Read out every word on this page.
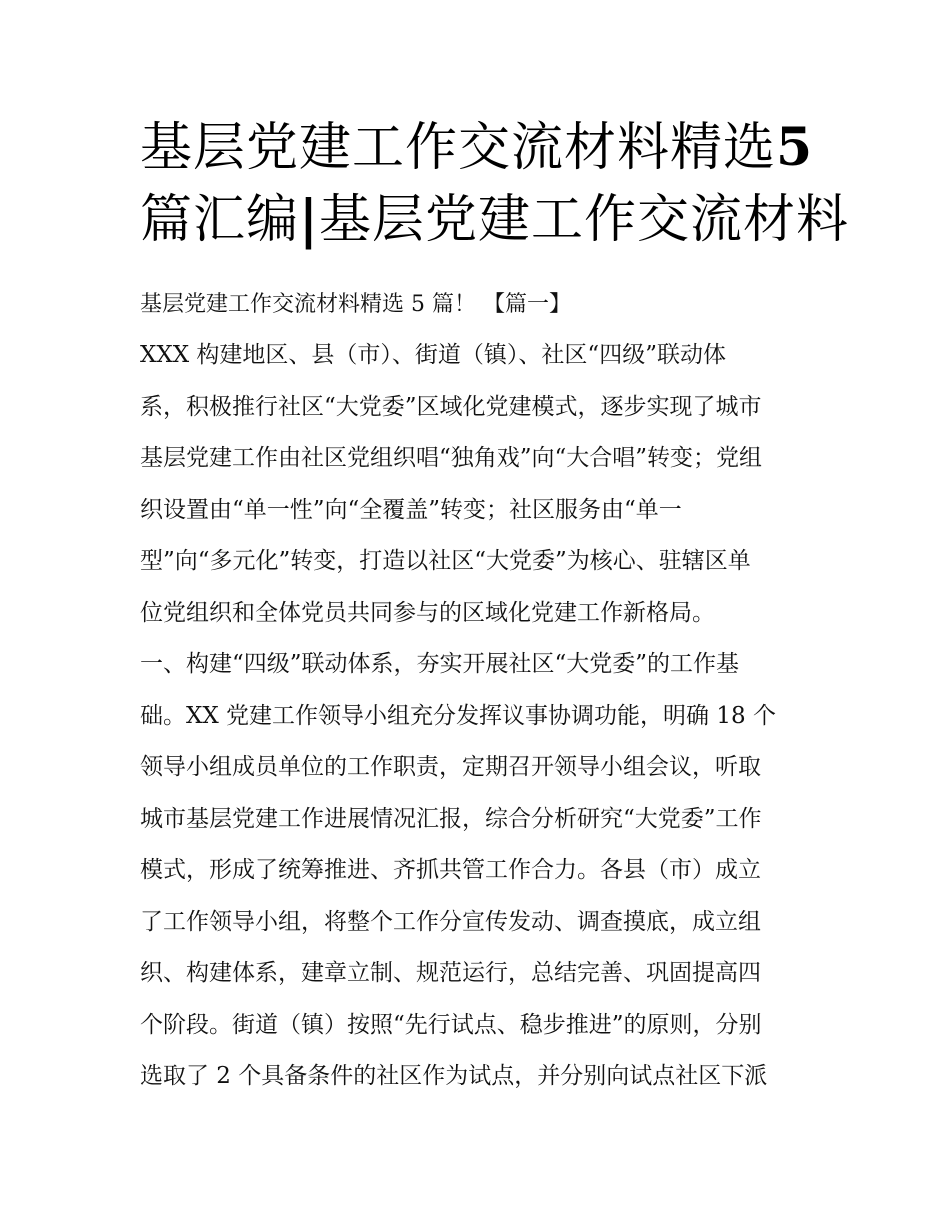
基层党建工作交流材料精选5
篇汇编|基层党建工作交流材料
基层党建工作交流材料精选 5 篇！ 【篇一】
XXX 构建地区、县（市）、街道（镇）、社区“四级”联动体
系，积极推行社区“大党委”区域化党建模式，逐步实现了城市
基层党建工作由社区党组织唱“独角戏”向“大合唱”转变；党组
织设置由“单一性”向“全覆盖”转变；社区服务由“单一
型”向“多元化”转变，打造以社区“大党委”为核心、驻辖区单
位党组织和全体党员共同参与的区域化党建工作新格局。
一、构建“四级”联动体系，夯实开展社区“大党委”的工作基
础。XX 党建工作领导小组充分发挥议事协调功能，明确 18 个
领导小组成员单位的工作职责，定期召开领导小组会议，听取
城市基层党建工作进展情况汇报，综合分析研究“大党委”工作
模式，形成了统筹推进、齐抓共管工作合力。各县（市）成立
了工作领导小组，将整个工作分宣传发动、调查摸底，成立组
织、构建体系，建章立制、规范运行，总结完善、巩固提高四
个阶段。街道（镇）按照“先行试点、稳步推进”的原则，分别
选取了 2 个具备条件的社区作为试点，并分别向试点社区下派
